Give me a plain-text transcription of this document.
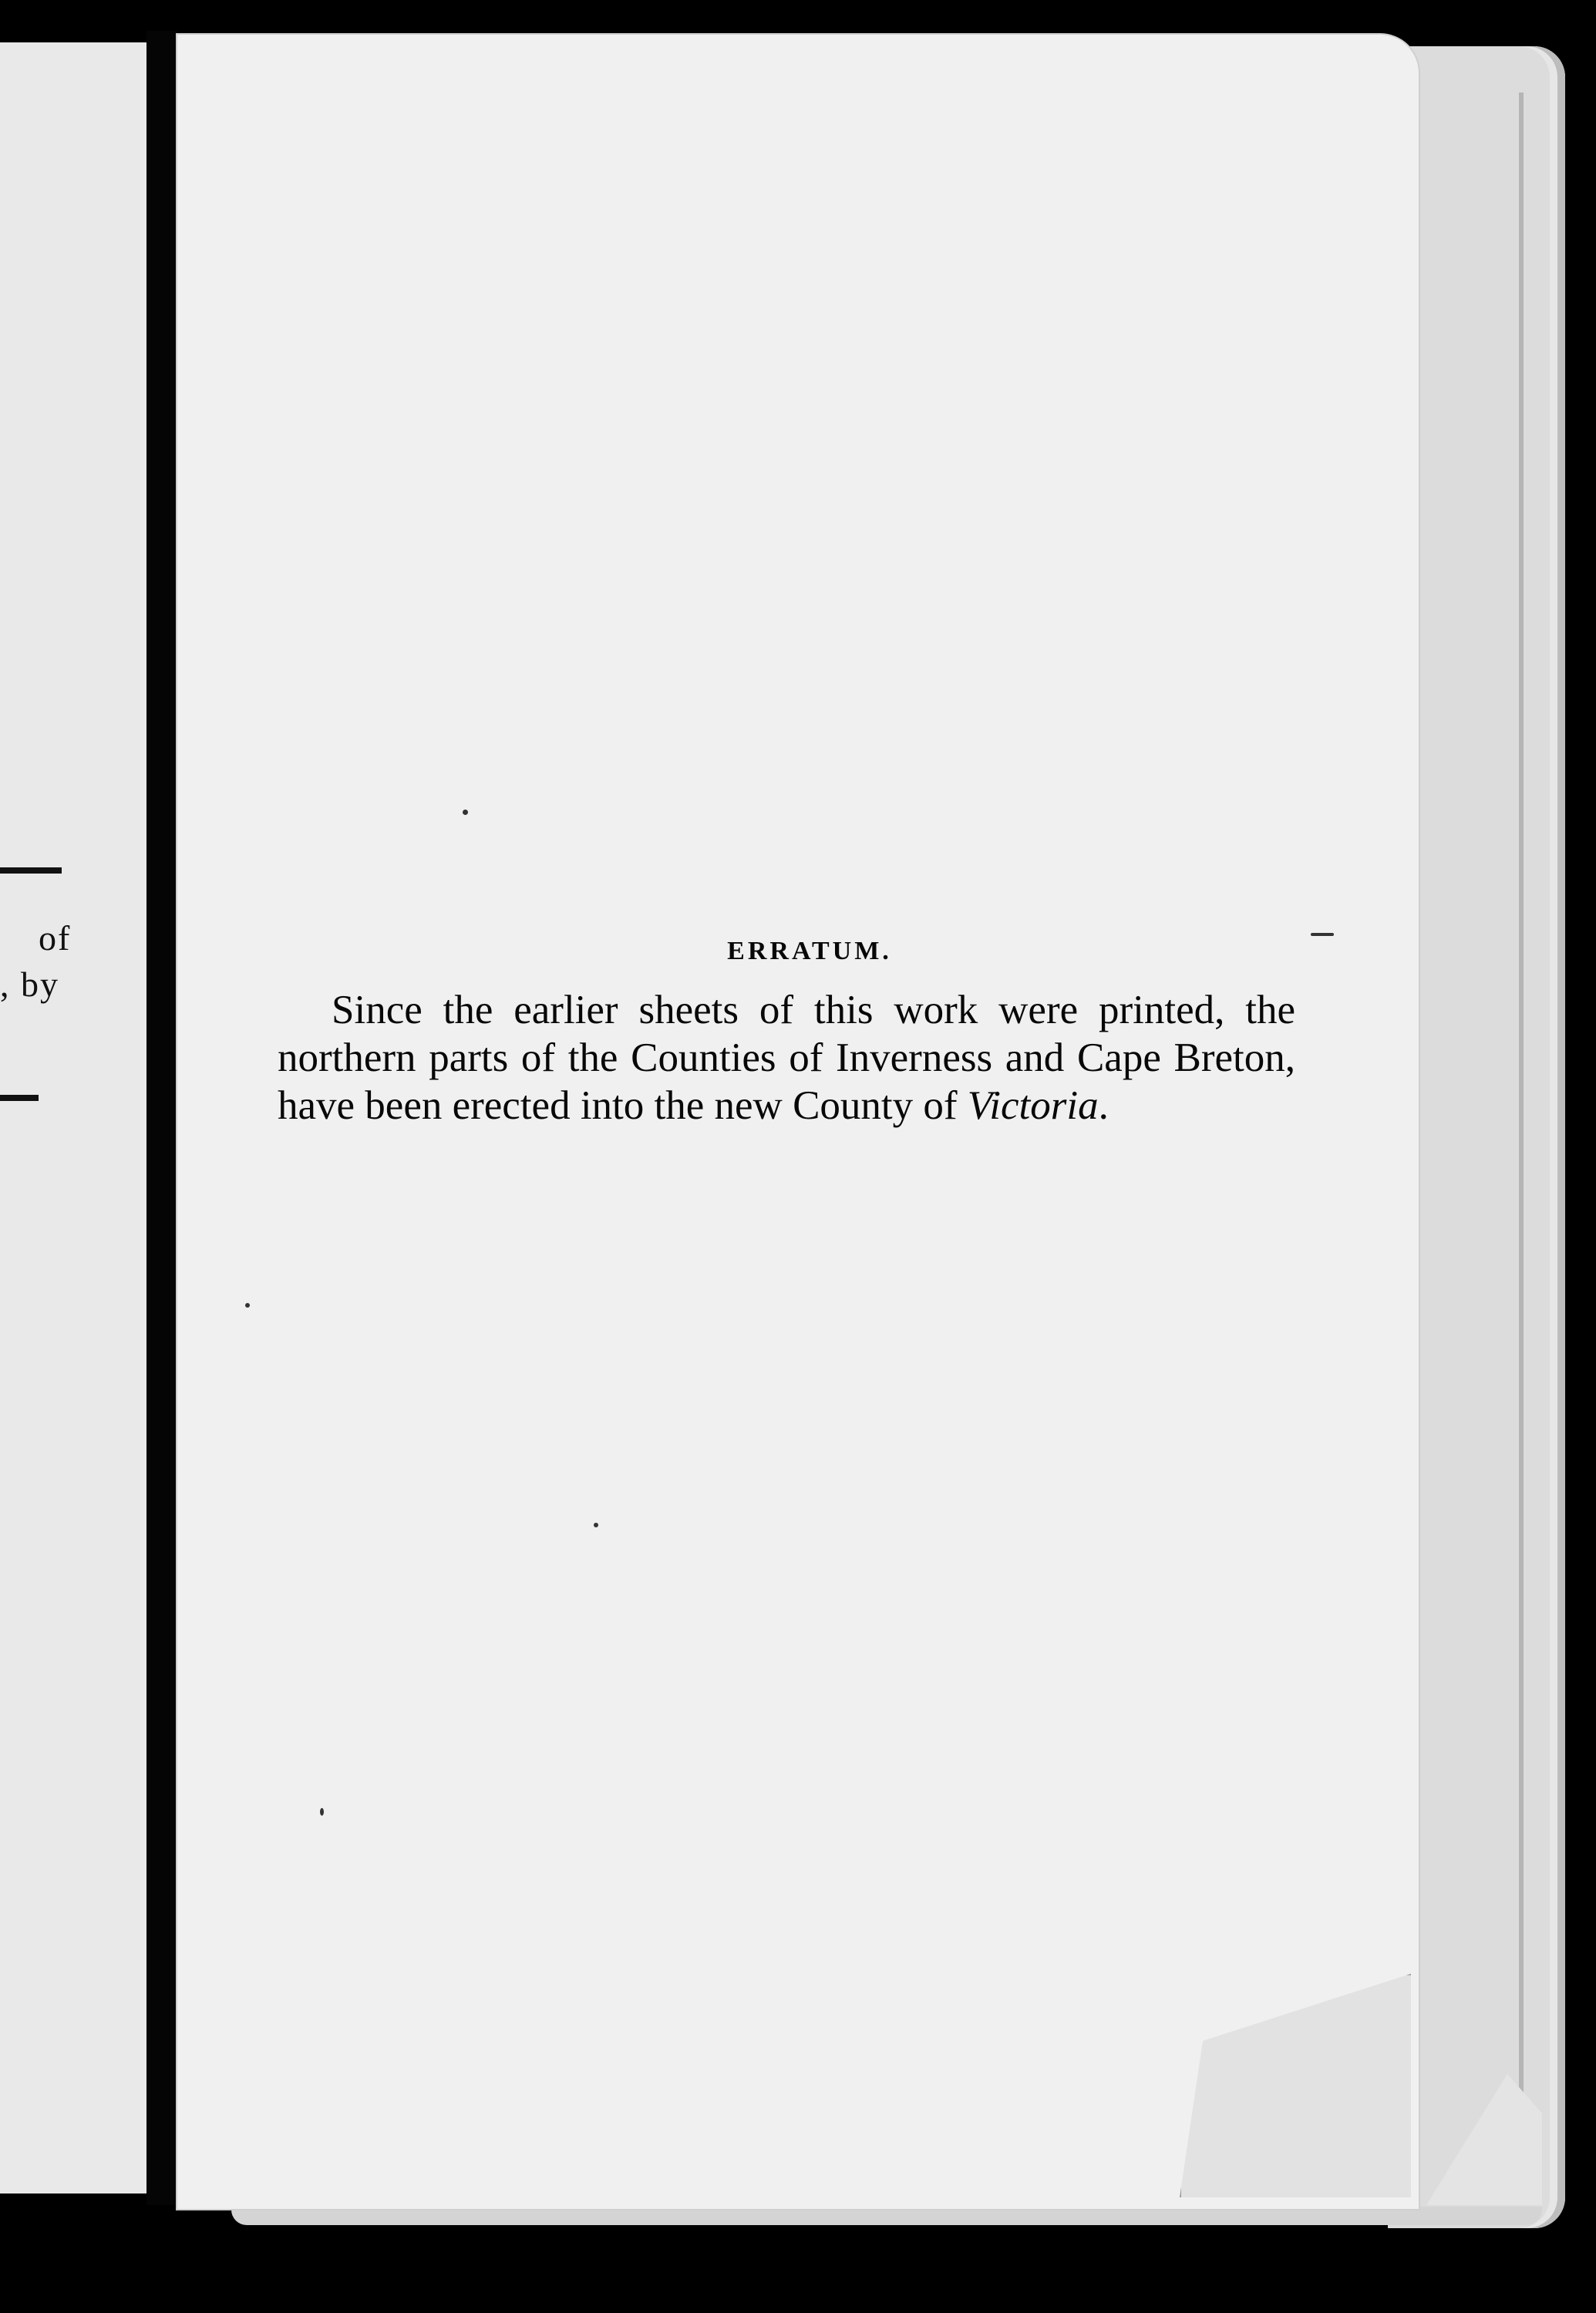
of
, by
ERRATUM.

Since the earlier sheets of this work were printed, the northern parts of the Counties of Inverness and Cape Breton, have been erected into the new County of Victoria.
